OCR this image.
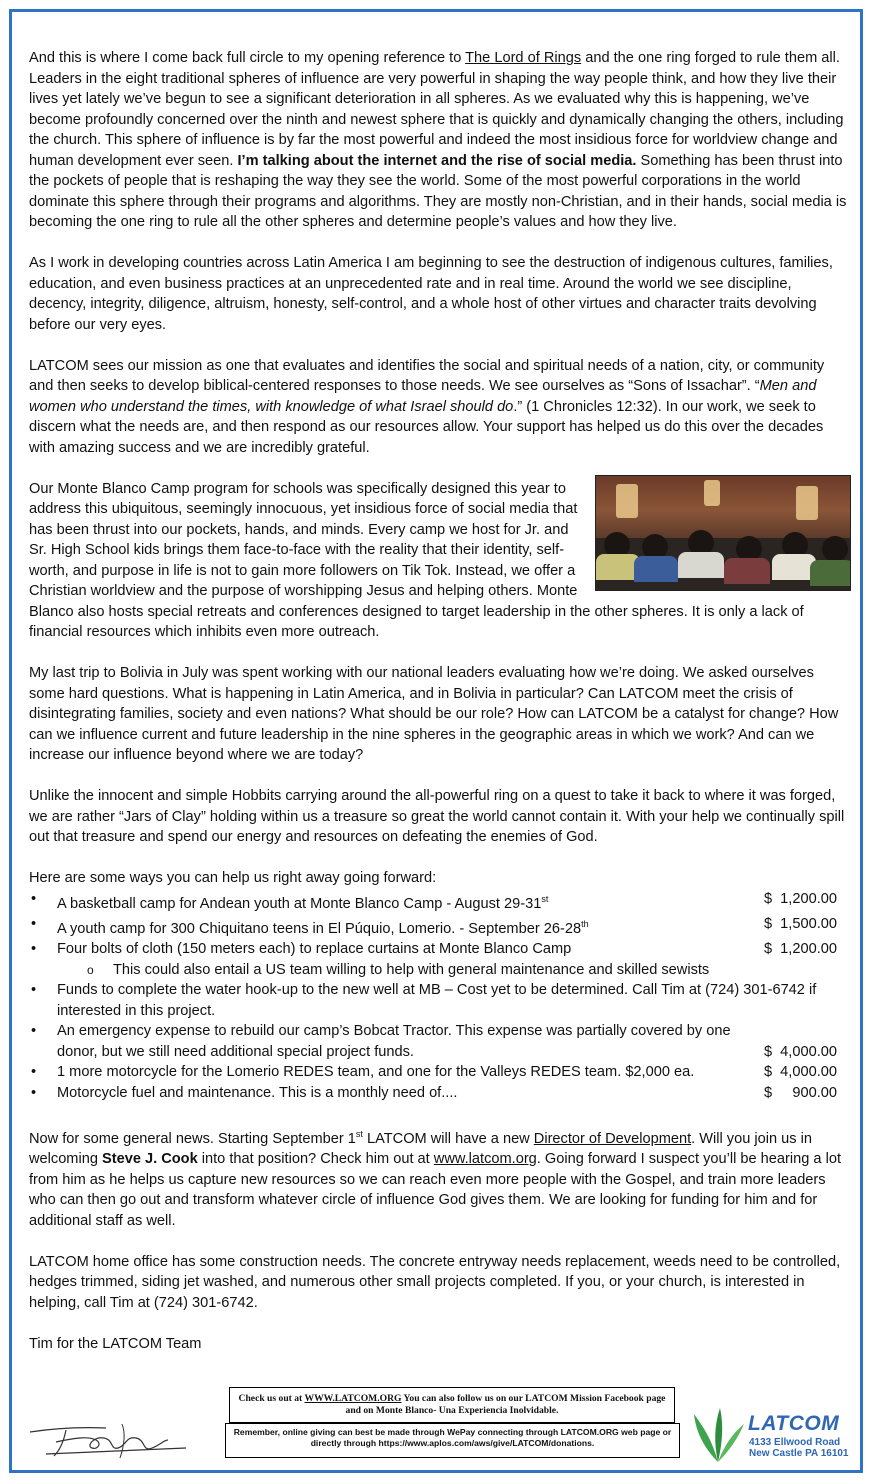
And this is where I come back full circle to my opening reference to The Lord of Rings and the one ring forged to rule them all. Leaders in the eight traditional spheres of influence are very powerful in shaping the way people think, and how they live their lives yet lately we’ve begun to see a significant deterioration in all spheres. As we evaluated why this is happening, we’ve become profoundly concerned over the ninth and newest sphere that is quickly and dynamically changing the others, including the church. This sphere of influence is by far the most powerful and indeed the most insidious force for worldview change and human development ever seen. I’m talking about the internet and the rise of social media. Something has been thrust into the pockets of people that is reshaping the way they see the world. Some of the most powerful corporations in the world dominate this sphere through their programs and algorithms. They are mostly non-Christian, and in their hands, social media is becoming the one ring to rule all the other spheres and determine people’s values and how they live.

As I work in developing countries across Latin America I am beginning to see the destruction of indigenous cultures, families, education, and even business practices at an unprecedented rate and in real time. Around the world we see discipline, decency, integrity, diligence, altruism, honesty, self-control, and a whole host of other virtues and character traits devolving before our very eyes.

LATCOM sees our mission as one that evaluates and identifies the social and spiritual needs of a nation, city, or community and then seeks to develop biblical-centered responses to those needs. We see ourselves as “Sons of Issachar”. “Men and women who understand the times, with knowledge of what Israel should do.” (1 Chronicles 12:32). In our work, we seek to discern what the needs are, and then respond as our resources allow. Your support has helped us do this over the decades with amazing success and we are incredibly grateful.

Our Monte Blanco Camp program for schools was specifically designed this year to address this ubiquitous, seemingly innocuous, yet insidious force of social media that has been thrust into our pockets, hands, and minds. Every camp we host for Jr. and Sr. High School kids brings them face-to-face with the reality that their identity, self-worth, and purpose in life is not to gain more followers on Tik Tok. Instead, we offer a Christian worldview and the purpose of worshipping Jesus and helping others. Monte Blanco also hosts special retreats and conferences designed to target leadership in the other spheres. It is only a lack of financial resources which inhibits even more outreach.

My last trip to Bolivia in July was spent working with our national leaders evaluating how we’re doing. We asked ourselves some hard questions. What is happening in Latin America, and in Bolivia in particular? Can LATCOM meet the crisis of disintegrating families, society and even nations? What should be our role? How can LATCOM be a catalyst for change? How can we influence current and future leadership in the nine spheres in the geographic areas in which we work? And can we increase our influence beyond where we are today?

Unlike the innocent and simple Hobbits carrying around the all-powerful ring on a quest to take it back to where it was forged, we are rather “Jars of Clay” holding within us a treasure so great the world cannot contain it. With your help we continually spill out that treasure and spend our energy and resources on defeating the enemies of God.

Here are some ways you can help us right away going forward:
• A basketball camp for Andean youth at Monte Blanco Camp - August 29-31st	$  1,200.00
• A youth camp for 300 Chiquitano teens in El Púquio, Lomerio. - September 26-28th	$  1,500.00
• Four bolts of cloth (150 meters each) to replace curtains at Monte Blanco Camp	$  1,200.00
o This could also entail a US team willing to help with general maintenance and skilled sewists
• Funds to complete the water hook-up to the new well at MB – Cost yet to be determined. Call Tim at (724) 301-6742 if interested in this project.
• An emergency expense to rebuild our camp’s Bobcat Tractor. This expense was partially covered by one donor, but we still need additional special project funds.	$  4,000.00
• 1 more motorcycle for the Lomerio REDES team, and one for the Valleys REDES team. $2,000 ea.	$  4,000.00
• Motorcycle fuel and maintenance. This is a monthly need of....	$     900.00

Now for some general news. Starting September 1st LATCOM will have a new Director of Development. Will you join us in welcoming Steve J. Cook into that position? Check him out at www.latcom.org. Going forward I suspect you’ll be hearing a lot from him as he helps us capture new resources so we can reach even more people with the Gospel, and train more leaders who can then go out and transform whatever circle of influence God gives them. We are looking for funding for him and for additional staff as well.

LATCOM home office has some construction needs. The concrete entryway needs replacement, weeds need to be controlled, hedges trimmed, siding jet washed, and numerous other small projects completed. If you, or your church, is interested in helping, call Tim at (724) 301-6742.

Tim for the LATCOM Team
Check us out at WWW.LATCOM.ORG You can also follow us on our LATCOM Mission Facebook page and on Monte Blanco- Una Experiencia Inolvidable.
Remember, online giving can best be made through WePay connecting through LATCOM.ORG web page or directly through https://www.aplos.com/aws/give/LATCOM/donations.
LATCOM
4133 Ellwood Road
New Castle PA 16101
